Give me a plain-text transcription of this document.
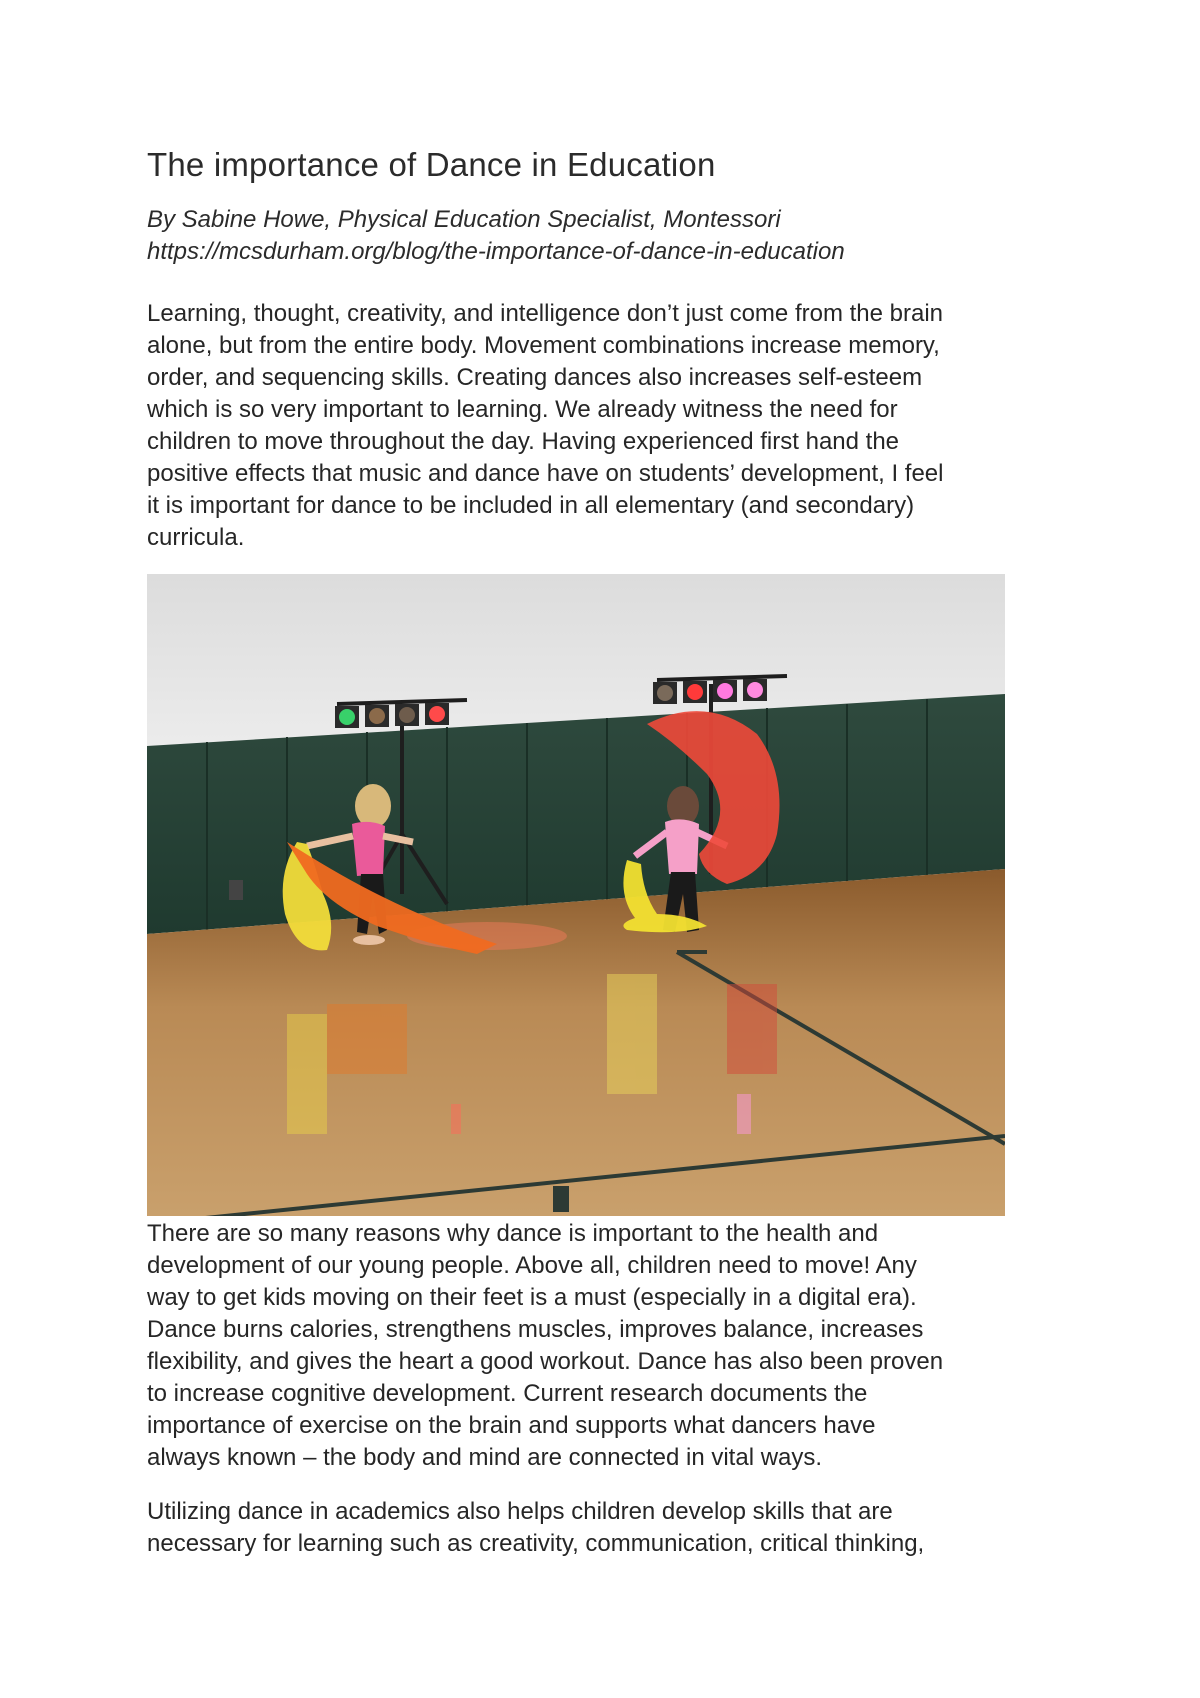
The importance of Dance in Education
By Sabine Howe, Physical Education Specialist, Montessori
https://mcsdurham.org/blog/the-importance-of-dance-in-education
Learning, thought, creativity, and intelligence don’t just come from the brain
alone, but from the entire body. Movement combinations increase memory,
order, and sequencing skills. Creating dances also increases self-esteem
which is so very important to learning. We already witness the need for
children to move throughout the day. Having experienced first hand the
positive effects that music and dance have on students’ development, I feel
it is important for dance to be included in all elementary (and secondary)
curricula.
There are so many reasons why dance is important to the health and
development of our young people. Above all, children need to move! Any
way to get kids moving on their feet is a must (especially in a digital era).
Dance burns calories, strengthens muscles, improves balance, increases
flexibility, and gives the heart a good workout. Dance has also been proven
to increase cognitive development. Current research documents the
importance of exercise on the brain and supports what dancers have
always known – the body and mind are connected in vital ways.
Utilizing dance in academics also helps children develop skills that are
necessary for learning such as creativity, communication, critical thinking,
